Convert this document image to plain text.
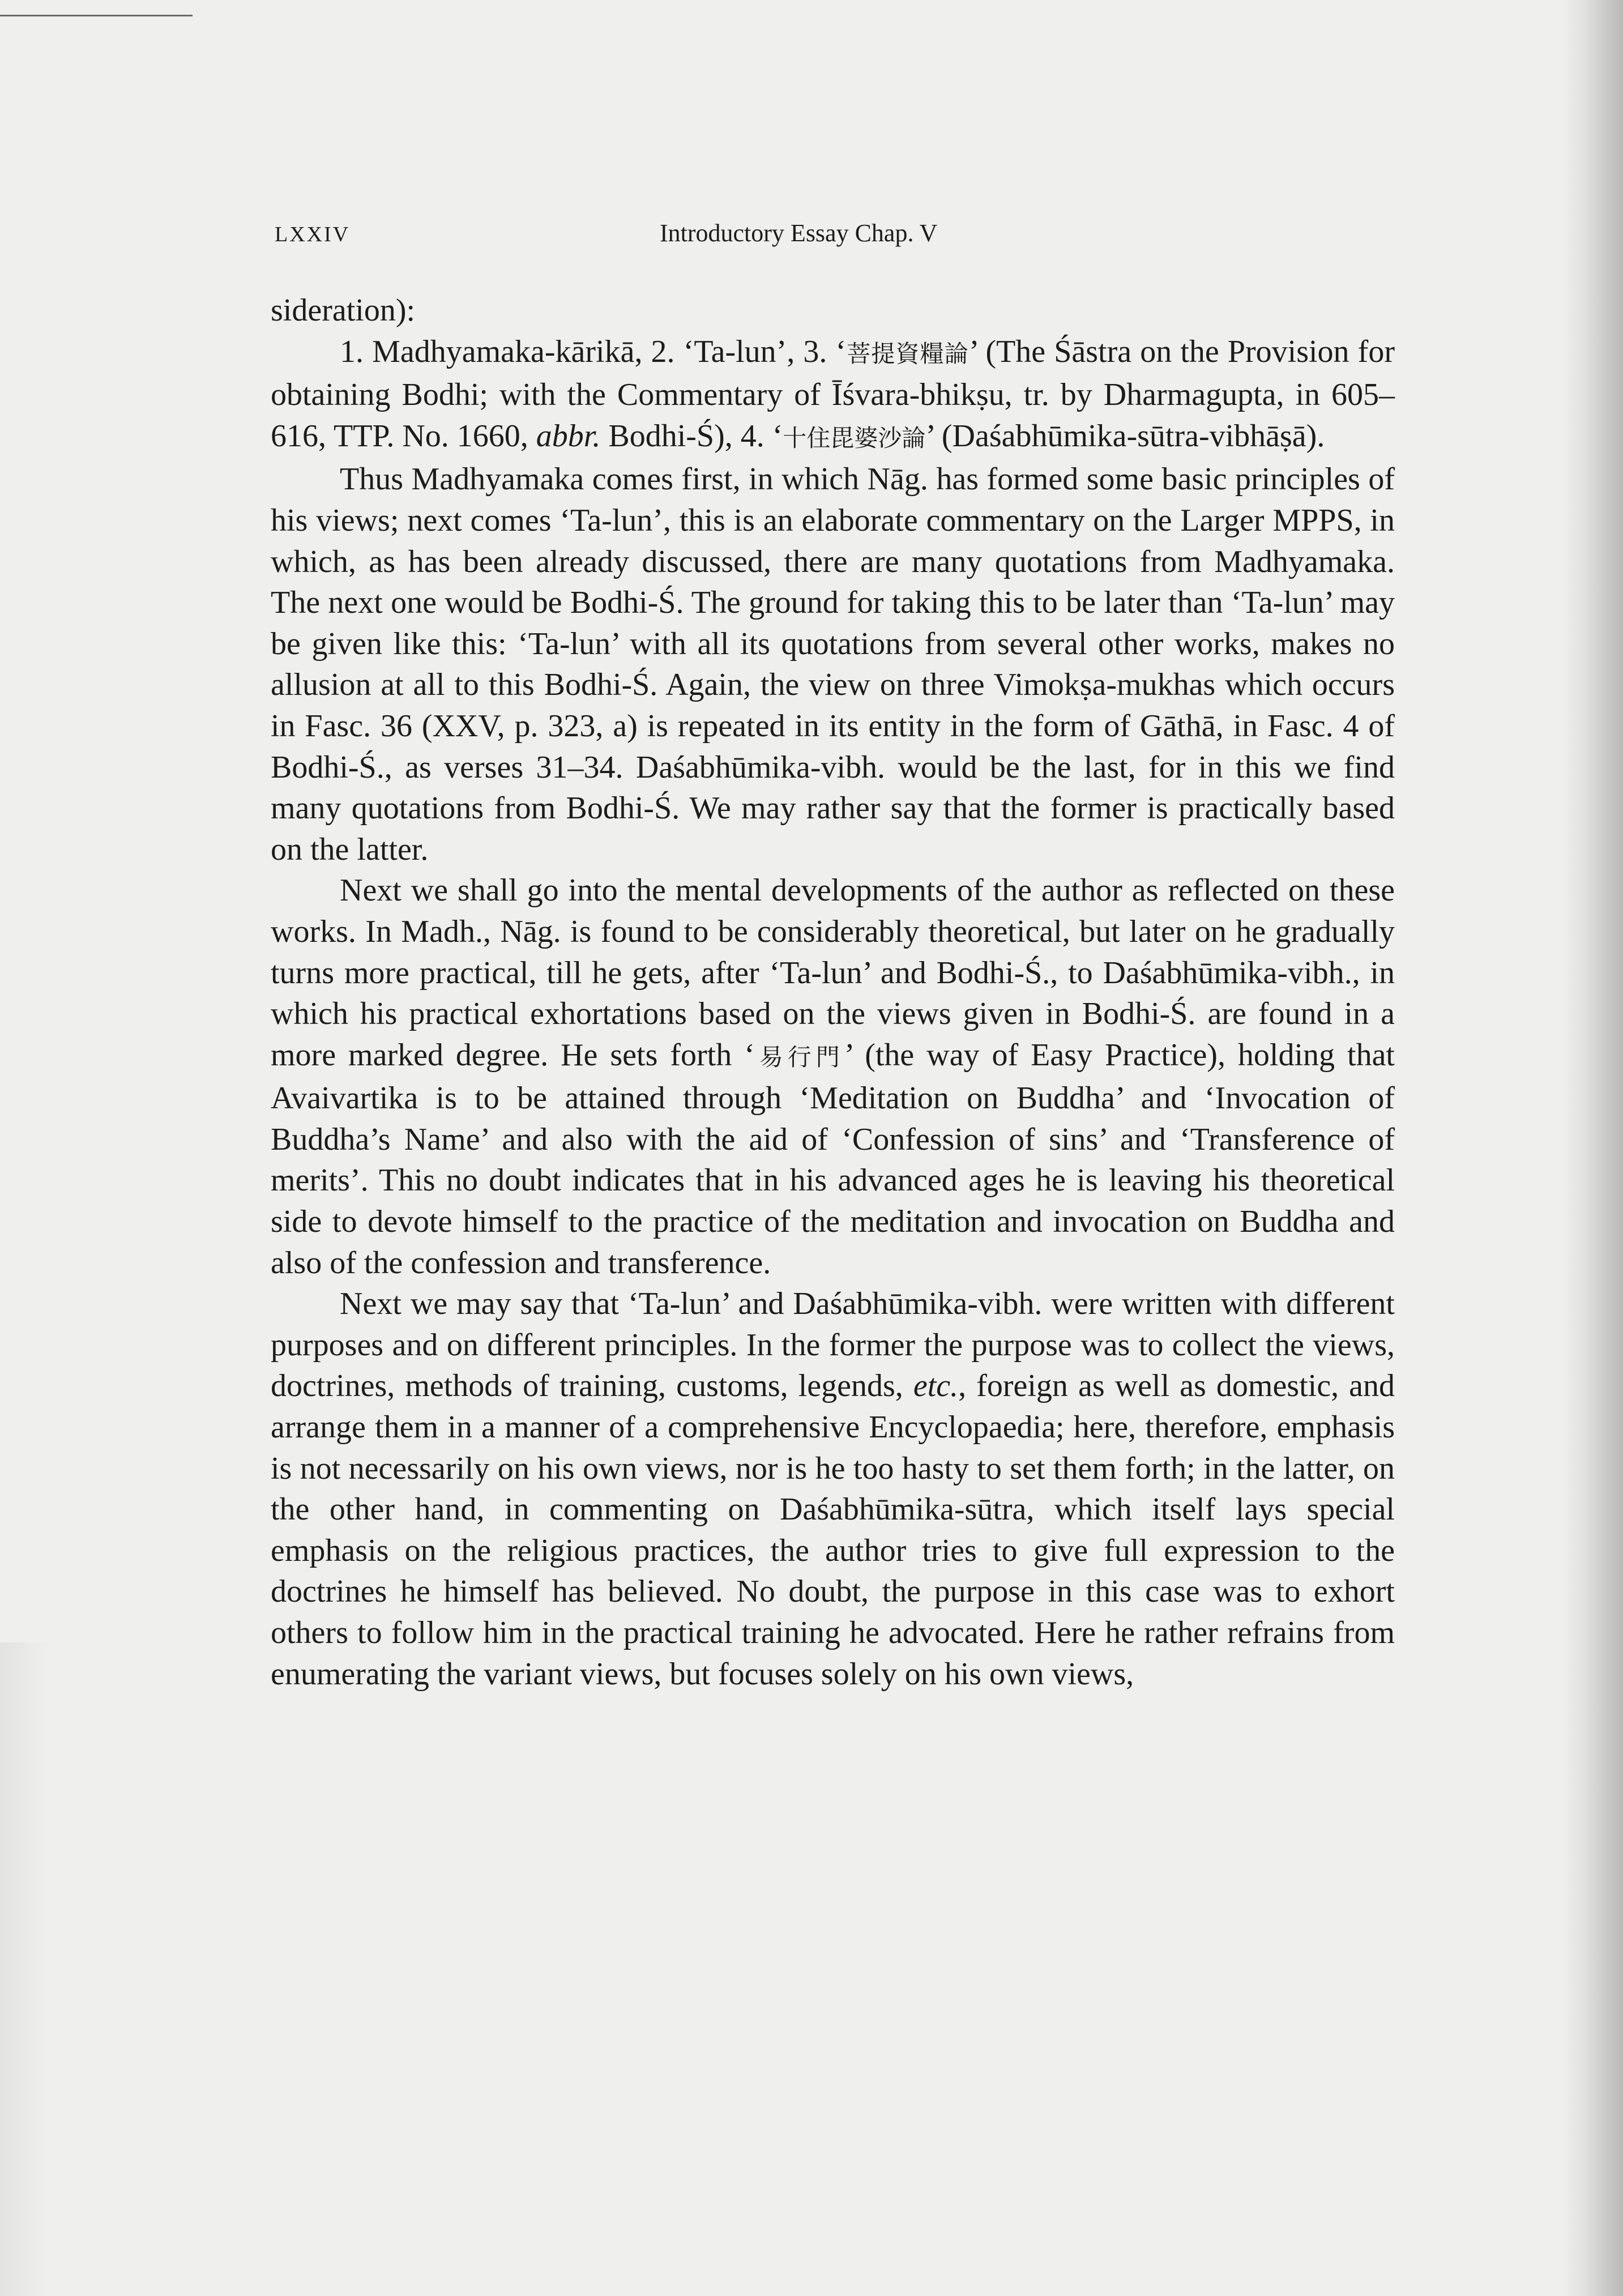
LXXIV	Introductory Essay Chap. V

sideration):

1. Madhyamaka-kārikā, 2. ‘Ta-lun’, 3. ‘菩提資糧論’ (The Śāstra on the Provision for obtaining Bodhi; with the Commentary of Īśvara-bhikṣu, tr. by Dharmagupta, in 605–616, TTP. No. 1660, abbr. Bodhi-Ś), 4. ‘十住毘婆沙論’ (Daśabhūmika-sūtra-vibhāṣā).

Thus Madhyamaka comes first, in which Nāg. has formed some basic principles of his views; next comes ‘Ta-lun’, this is an elaborate commentary on the Larger MPPS, in which, as has been already discussed, there are many quotations from Madhyamaka. The next one would be Bodhi-Ś. The ground for taking this to be later than ‘Ta-lun’ may be given like this: ‘Ta-lun’ with all its quotations from several other works, makes no allusion at all to this Bodhi-Ś. Again, the view on three Vimokṣa-mukhas which occurs in Fasc. 36 (XXV, p. 323, a) is repeated in its entity in the form of Gāthā, in Fasc. 4 of Bodhi-Ś., as verses 31–34. Daśabhūmika-vibh. would be the last, for in this we find many quotations from Bodhi-Ś. We may rather say that the former is practically based on the latter.

Next we shall go into the mental developments of the author as reflected on these works. In Madh., Nāg. is found to be considerably theoretical, but later on he gradually turns more practical, till he gets, after ‘Ta-lun’ and Bodhi-Ś., to Daśabhūmika-vibh., in which his practical exhortations based on the views given in Bodhi-Ś. are found in a more marked degree. He sets forth ‘易行門’ (the way of Easy Practice), holding that Avaivartika is to be attained through ‘Meditation on Buddha’ and ‘Invocation of Buddha’s Name’ and also with the aid of ‘Confession of sins’ and ‘Transference of merits’. This no doubt indicates that in his advanced ages he is leaving his theoretical side to devote himself to the practice of the meditation and invocation on Buddha and also of the confession and transference.

Next we may say that ‘Ta-lun’ and Daśabhūmika-vibh. were written with different purposes and on different principles. In the former the purpose was to collect the views, doctrines, methods of training, customs, legends, etc., foreign as well as domestic, and arrange them in a manner of a comprehensive Encyclopaedia; here, therefore, emphasis is not necessarily on his own views, nor is he too hasty to set them forth; in the latter, on the other hand, in commenting on Daśabhūmika-sūtra, which itself lays special emphasis on the religious practices, the author tries to give full expression to the doctrines he himself has believed. No doubt, the purpose in this case was to exhort others to follow him in the practical training he advocated. Here he rather refrains from enumerating the variant views, but focuses solely on his own views,
